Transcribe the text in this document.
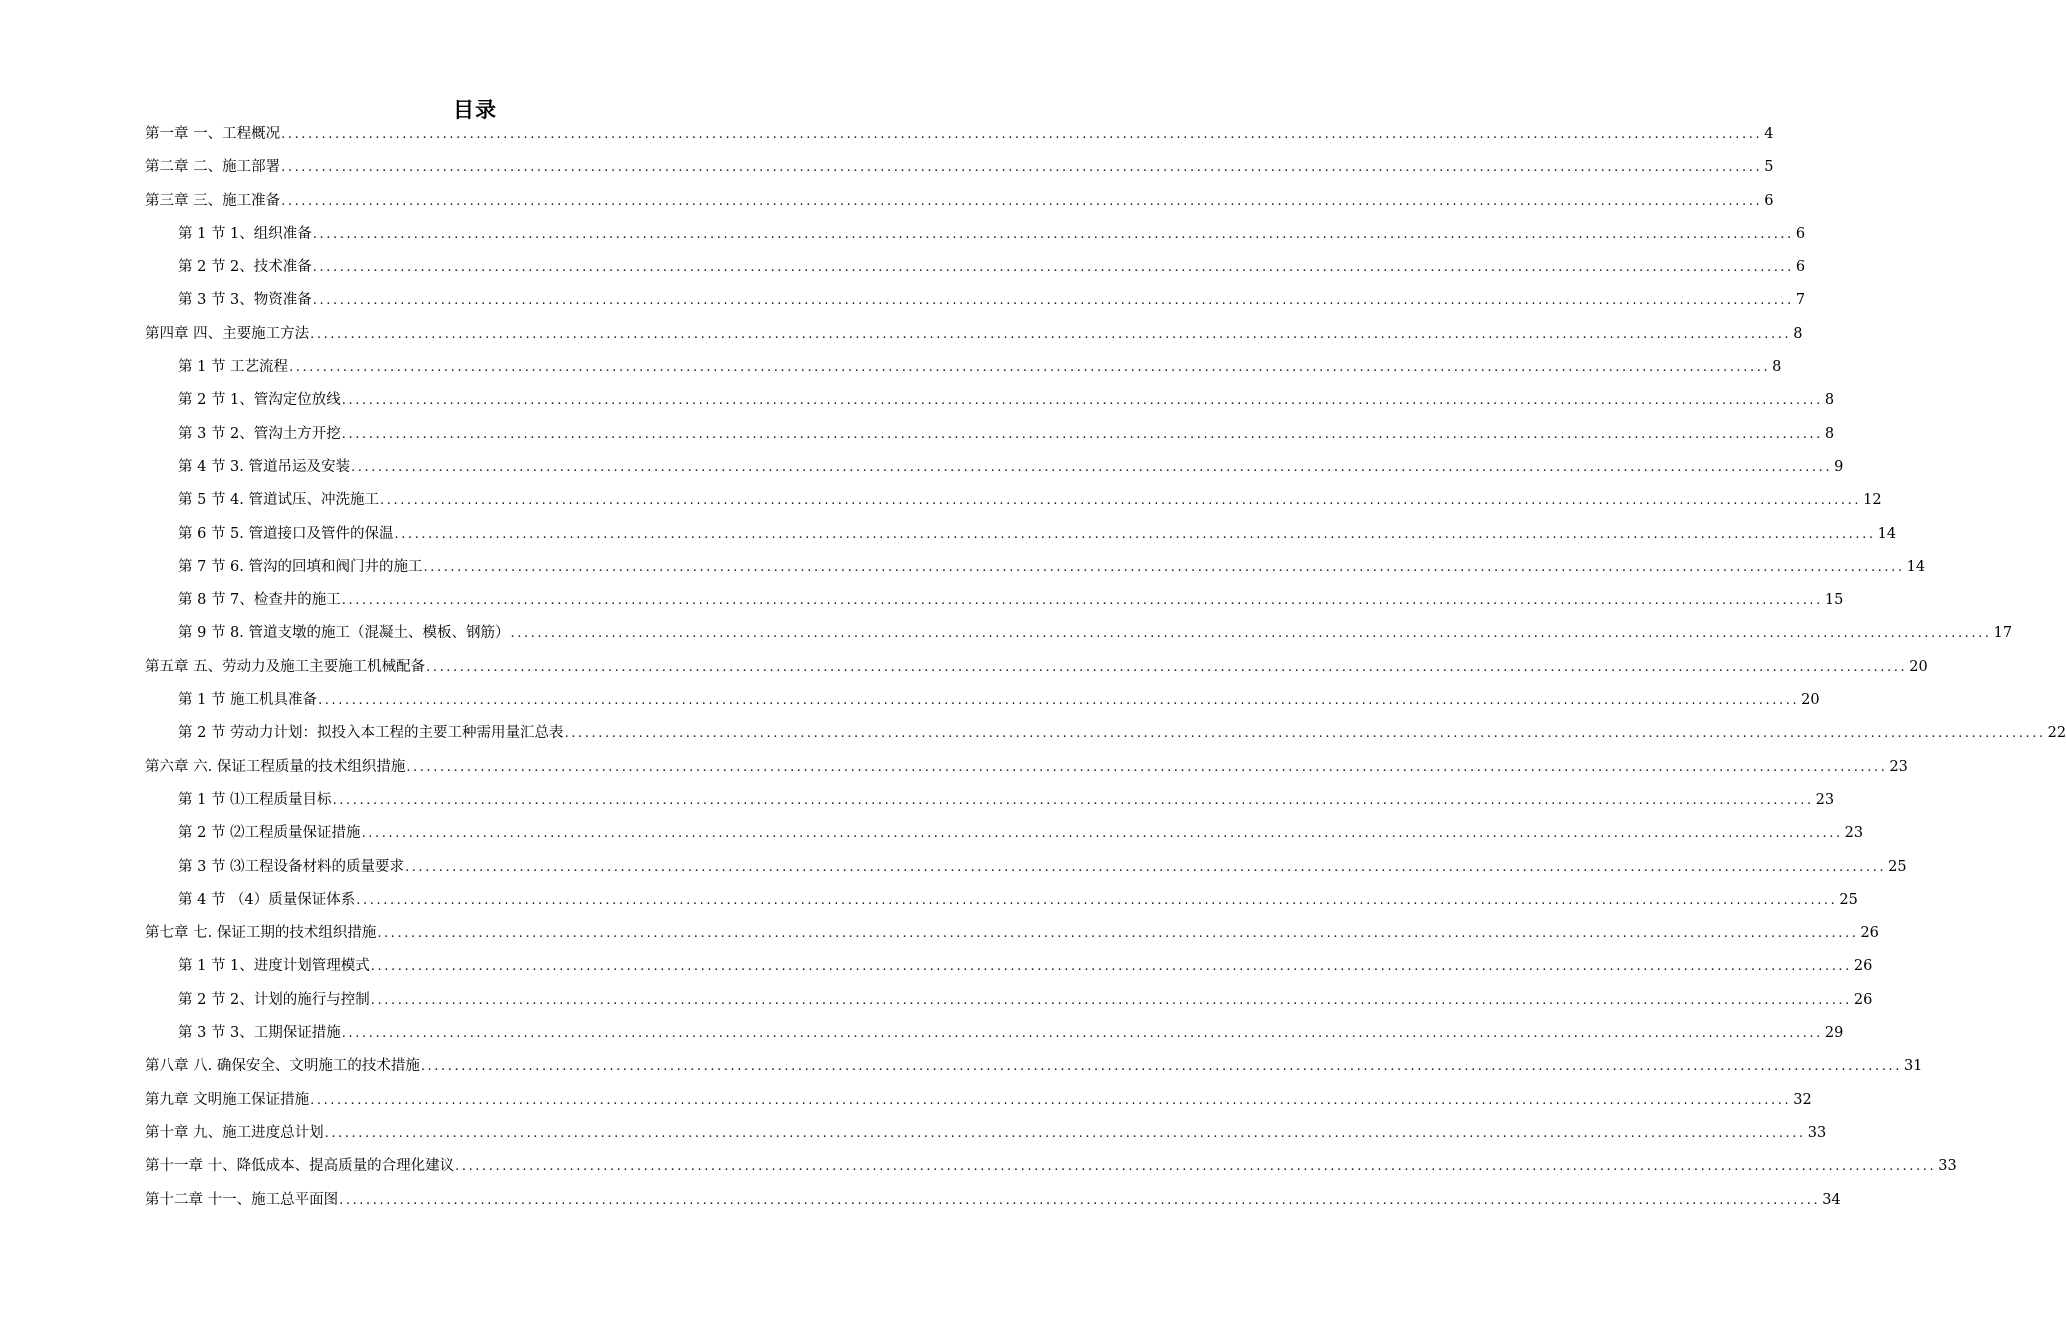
目录
第一章 一、工程概况 ............................................................................................................................................................................................................................ 4
第二章 二、施工部署 ............................................................................................................................................................................................................................ 5
第三章 三、施工准备 ............................................................................................................................................................................................................................ 6
第 1 节 1、组织准备 ............................................................................................................................................................................................................................ 6
第 2 节 2、技术准备 ............................................................................................................................................................................................................................ 6
第 3 节 3、物资准备 ............................................................................................................................................................................................................................ 7
第四章 四、主要施工方法 ............................................................................................................................................................................................................................ 8
第 1 节 工艺流程 ............................................................................................................................................................................................................................ 8
第 2 节 1、管沟定位放线 ............................................................................................................................................................................................................................ 8
第 3 节 2、管沟土方开挖 ............................................................................................................................................................................................................................ 8
第 4 节 3. 管道吊运及安装 ............................................................................................................................................................................................................................ 9
第 5 节 4. 管道试压、冲洗施工 ............................................................................................................................................................................................................................ 12
第 6 节 5. 管道接口及管件的保温 ............................................................................................................................................................................................................................ 14
第 7 节 6. 管沟的回填和阀门井的施工 ............................................................................................................................................................................................................................ 14
第 8 节 7、检查井的施工 ............................................................................................................................................................................................................................ 15
第 9 节 8. 管道支墩的施工（混凝土、模板、钢筋） ............................................................................................................................................................................................................................ 17
第五章 五、劳动力及施工主要施工机械配备 ............................................................................................................................................................................................................................ 20
第 1 节 施工机具准备 ............................................................................................................................................................................................................................ 20
第 2 节 劳动力计划：拟投入本工程的主要工种需用量汇总表 ............................................................................................................................................................................................................................ 22
第六章 六. 保证工程质量的技术组织措施 ............................................................................................................................................................................................................................ 23
第 1 节 ⑴工程质量目标 ............................................................................................................................................................................................................................ 23
第 2 节 ⑵工程质量保证措施 ............................................................................................................................................................................................................................ 23
第 3 节 ⑶工程设备材料的质量要求 ............................................................................................................................................................................................................................ 25
第 4 节 （4）质量保证体系 ............................................................................................................................................................................................................................ 25
第七章 七. 保证工期的技术组织措施 ............................................................................................................................................................................................................................ 26
第 1 节 1、进度计划管理模式 ............................................................................................................................................................................................................................ 26
第 2 节 2、计划的施行与控制 ............................................................................................................................................................................................................................ 26
第 3 节 3、工期保证措施 ............................................................................................................................................................................................................................ 29
第八章 八. 确保安全、文明施工的技术措施 ............................................................................................................................................................................................................................ 31
第九章 文明施工保证措施 ............................................................................................................................................................................................................................ 32
第十章 九、施工进度总计划 ............................................................................................................................................................................................................................ 33
第十一章 十、降低成本、提高质量的合理化建议 ............................................................................................................................................................................................................................ 33
第十二章 十一、施工总平面图 ............................................................................................................................................................................................................................ 34
